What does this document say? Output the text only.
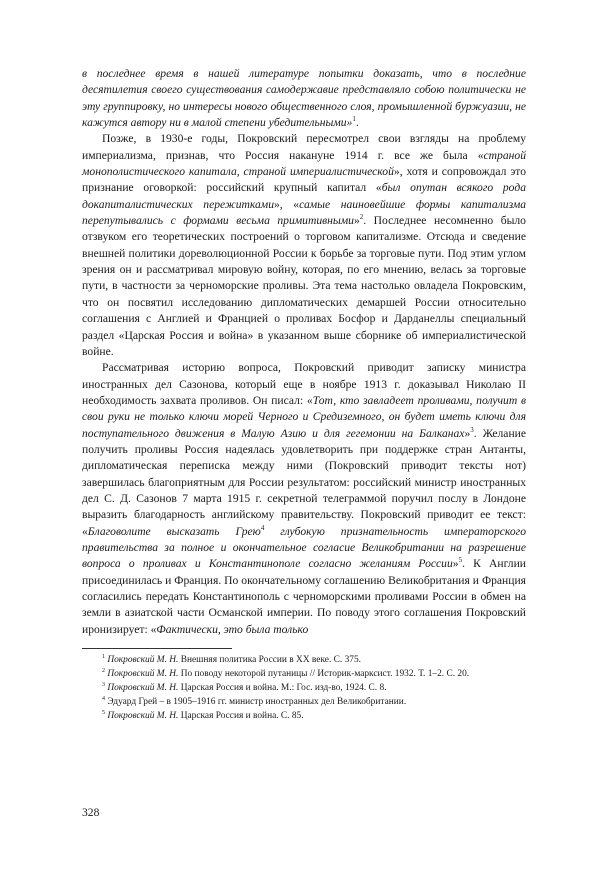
в последнее время в нашей литературе попытки доказать, что в последние десятилетия своего существования самодержавие представляло собою политически не эту группировку, но интересы нового общественного слоя, промышленной буржуазии, не кажутся автору ни в малой степени убедительными»$^1$.

Позже, в 1930-е годы, Покровский пересмотрел свои взгляды на проблему империализма, признав, что Россия накануне 1914 г. все же была «страной монополистического капитала, страной империалистической», хотя и сопровождал это признание оговоркой: российский крупный капитал «был опутан всякого рода докапиталистических пережитками», «самые наиновейшие формы капитализма перепутывались с формами весьма примитивными»$^2$. Последнее несомненно было отзвуком его теоретических построений о торговом капитализме. Отсюда и сведение внешней политики дореволюционной России к борьбе за торговые пути. Под этим углом зрения он и рассматривал мировую войну, которая, по его мнению, велась за торговые пути, в частности за черноморские проливы. Эта тема настолько овладела Покровским, что он посвятил исследованию дипломатических демаршей России относительно соглашения с Англией и Францией о проливах Босфор и Дарданеллы специальный раздел «Царская Россия и война» в указанном выше сборнике об империалистической войне.

Рассматривая историю вопроса, Покровский приводит записку министра иностранных дел Сазонова, который еще в ноябре 1913 г. доказывал Николаю II необходимость захвата проливов. Он писал: «Тот, кто завладеет проливами, получит в свои руки не только ключи морей Черного и Средиземного, он будет иметь ключи для поступательного движения в Малую Азию и для гегемонии на Балканах»$^3$. Желание получить проливы Россия надеялась удовлетворить при поддержке стран Антанты, дипломатическая переписка между ними (Покровский приводит тексты нот) завершилась благоприятным для России результатом: российский министр иностранных дел С. Д. Сазонов 7 марта 1915 г. секретной телеграммой поручил послу в Лондоне выразить благодарность английскому правительству. Покровский приводит ее текст: «Благоволите высказать Грею$^4$ глубокую признательность императорского правительства за полное и окончательное согласие Великобритании на разрешение вопроса о проливах и Константинополе согласно желаниям России»$^5$. К Англии присоединилась и Франция. По окончательному соглашению Великобритания и Франция согласились передать Константинополь с черноморскими проливами России в обмен на земли в азиатской части Османской империи. По поводу этого соглашения Покровский иронизирует: «Фактически, это была только

$^1$ Покровский М. Н. Внешняя политика России в XX веке. С. 375.

$^2$ Покровский М. Н. По поводу некоторой путаницы // Историк-марксист. 1932. Т. 1–2. С. 20.

$^3$ Покровский М. Н. Царская Россия и война. М.: Гос. изд-во, 1924. С. 8.

$^4$ Эдуард Грей – в 1905–1916 гг. министр иностранных дел Великобритании.

$^5$ Покровский М. Н. Царская Россия и война. С. 85.

328
